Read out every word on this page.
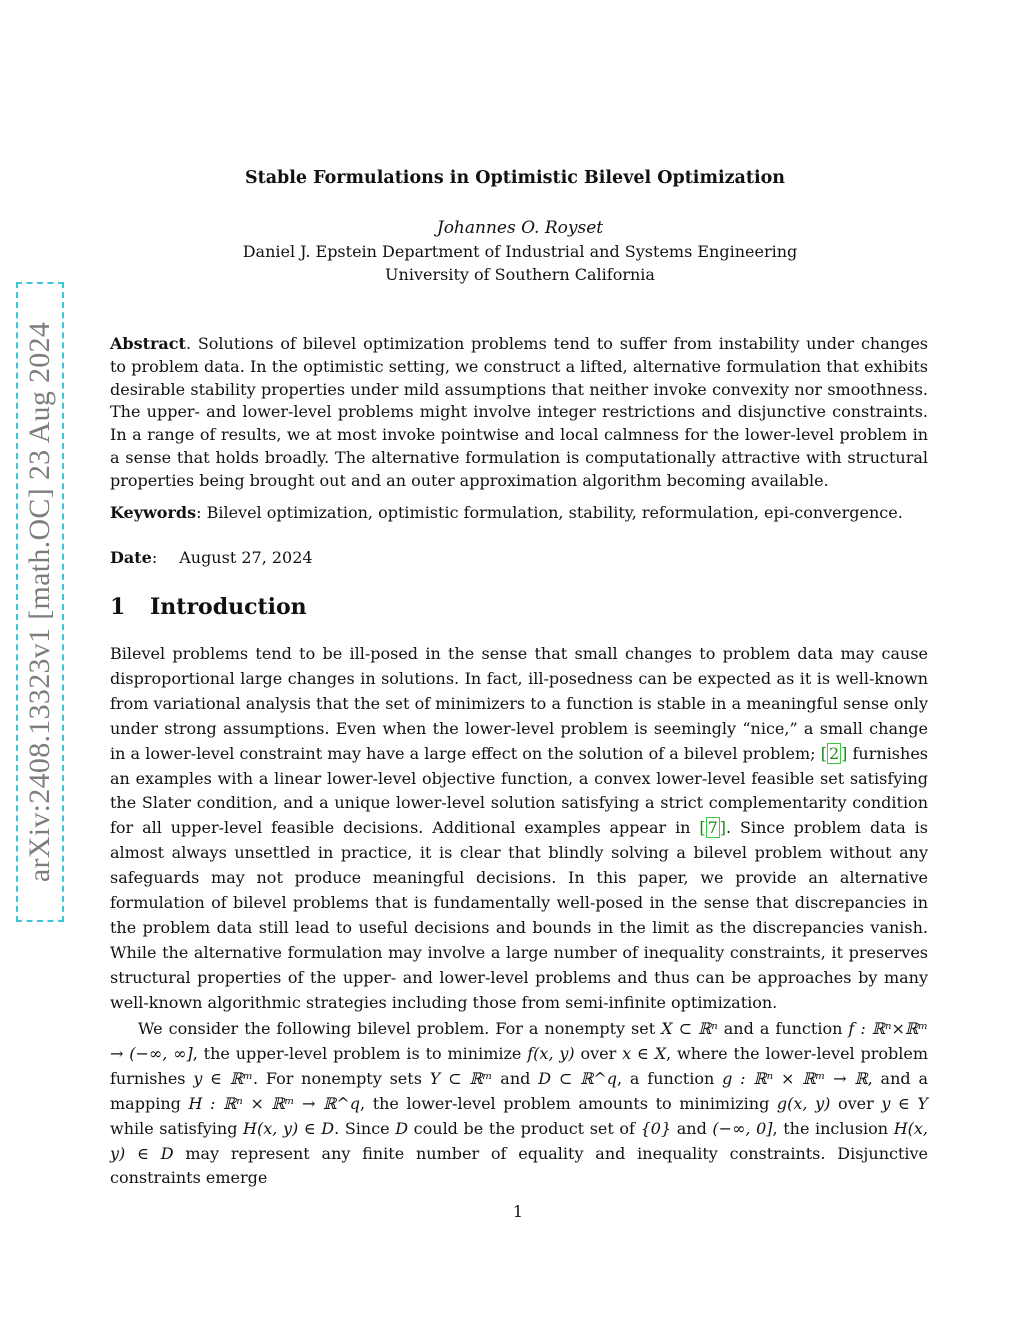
arXiv:2408.13323v1 [math.OC] 23 Aug 2024
Stable Formulations in Optimistic Bilevel Optimization
Johannes O. Royset
Daniel J. Epstein Department of Industrial and Systems Engineering
University of Southern California
Abstract. Solutions of bilevel optimization problems tend to suffer from instability under changes to problem data. In the optimistic setting, we construct a lifted, alternative formulation that exhibits desirable stability properties under mild assumptions that neither invoke convexity nor smoothness. The upper- and lower-level problems might involve integer restrictions and disjunctive constraints. In a range of results, we at most invoke pointwise and local calmness for the lower-level problem in a sense that holds broadly. The alternative formulation is computationally attractive with structural properties being brought out and an outer approximation algorithm becoming available.
Keywords: Bilevel optimization, optimistic formulation, stability, reformulation, epi-convergence.
Date: August 27, 2024
1 Introduction
Bilevel problems tend to be ill-posed in the sense that small changes to problem data may cause disproportional large changes in solutions. In fact, ill-posedness can be expected as it is well-known from variational analysis that the set of minimizers to a function is stable in a meaningful sense only under strong assumptions. Even when the lower-level problem is seemingly “nice,” a small change in a lower-level constraint may have a large effect on the solution of a bilevel problem; [ 2 ] furnishes an examples with a linear lower-level objective function, a convex lower-level feasible set satisfying the Slater condition, and a unique lower-level solution satisfying a strict complementarity condition for all upper-level feasible decisions. Additional examples appear in [ 7 ]. Since problem data is almost always unsettled in practice, it is clear that blindly solving a bilevel problem without any safeguards may not produce meaningful decisions. In this paper, we provide an alternative formulation of bilevel problems that is fundamentally well-posed in the sense that discrepancies in the problem data still lead to useful decisions and bounds in the limit as the discrepancies vanish. While the alternative formulation may involve a large number of inequality constraints, it preserves structural properties of the upper- and lower-level problems and thus can be approaches by many well-known algorithmic strategies including those from semi-infinite optimization.
We consider the following bilevel problem. For a nonempty set X ⊂ ℝⁿ and a function f : ℝⁿ×ℝᵐ → (−∞, ∞], the upper-level problem is to minimize f(x, y) over x ∈ X, where the lower-level problem furnishes y ∈ ℝᵐ. For nonempty sets Y ⊂ ℝᵐ and D ⊂ ℝ^q, a function g : ℝⁿ × ℝᵐ → ℝ, and a mapping H : ℝⁿ × ℝᵐ → ℝ^q, the lower-level problem amounts to minimizing g(x, y) over y ∈ Y while satisfying H(x, y) ∈ D. Since D could be the product set of {0} and (−∞, 0], the inclusion H(x, y) ∈ D may represent any finite number of equality and inequality constraints. Disjunctive constraints emerge
1
